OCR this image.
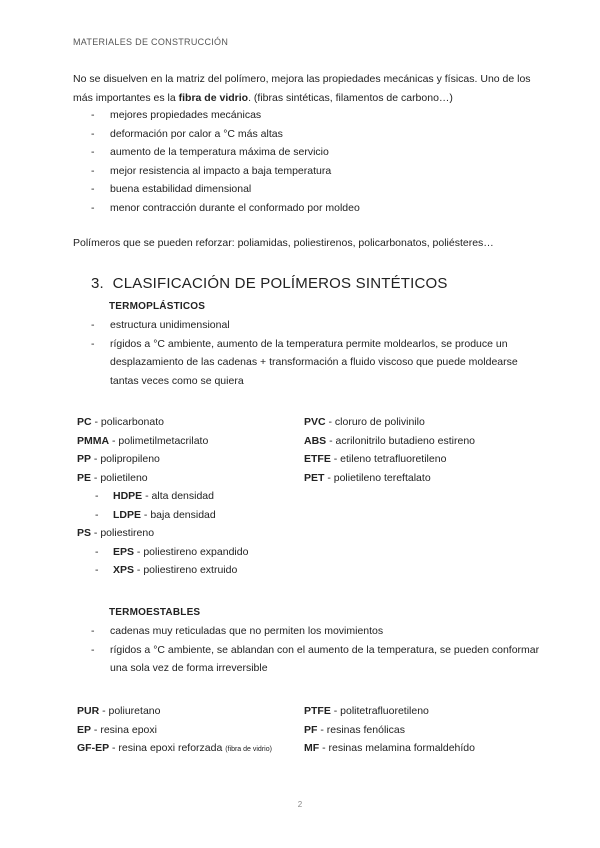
MATERIALES DE CONSTRUCCIÓN
No se disuelven en la matriz del polímero, mejora las propiedades mecánicas y físicas. Uno de los más importantes es la fibra de vidrio. (fibras sintéticas, filamentos de carbono…)
- mejores propiedades mecánicas
- deformación por calor a °C más altas
- aumento de la temperatura máxima de servicio
- mejor resistencia al impacto a baja temperatura
- buena estabilidad dimensional
- menor contracción durante el conformado por moldeo
Polímeros que se pueden reforzar: poliamidas, poliestirenos, policarbonatos, poliésteres…
3. CLASIFICACIÓN DE POLÍMEROS SINTÉTICOS
TERMOPLÁSTICOS
- estructura unidimensional
- rígidos a °C ambiente, aumento de la temperatura permite moldearlos, se produce un desplazamiento de las cadenas + transformación a fluido viscoso que puede moldearse tantas veces como se quiera
PC - policarbonato
PMMA - polimetilmetacrilato
PP - polipropileno
PE - polietileno
- HDPE - alta densidad
- LDPE - baja densidad
PS - poliestireno
- EPS - poliestireno expandido
- XPS - poliestireno extruido
PVC - cloruro de polivinilo
ABS - acrilonitrilo butadieno estireno
ETFE - etileno tetrafluoretileno
PET - polietileno tereftalato
TERMOESTABLES
- cadenas muy reticuladas que no permiten los movimientos
- rígidos a °C ambiente, se ablandan con el aumento de la temperatura, se pueden conformar una sola vez de forma irreversible
PUR - poliuretano
EP - resina epoxi
GF-EP - resina epoxi reforzada (fibra de vidrio)
PTFE - politetrafluoretileno
PF - resinas fenólicas
MF - resinas melamina formaldehído
2
